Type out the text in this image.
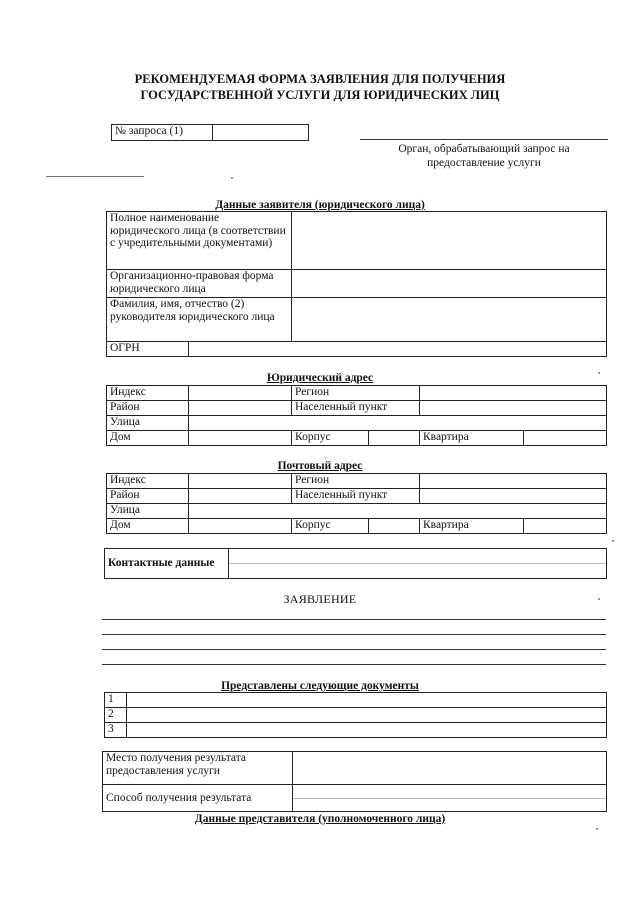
РЕКОМЕНДУЕМАЯ ФОРМА ЗАЯВЛЕНИЯ ДЛЯ ПОЛУЧЕНИЯ
ГОСУДАРСТВЕННОЙ УСЛУГИ ДЛЯ ЮРИДИЧЕСКИХ ЛИЦ
№ запроса (1)	
Орган, обрабатывающий запрос на
предоставление услуги
Данные заявителя (юридического лица)
Полное наименование юридического лица (в соответствии с учредительными документами)		
Организационно-правовая форма юридического лица		
Фамилия, имя, отчество (2) руководителя юридического лица		
ОГРН		
Юридический адрес
Индекс		Регион			
Район		Населенный пункт			
Улица					
Дом		Корпус		Квартира	
Почтовый адрес
Индекс		Регион			
Район		Населенный пункт			
Улица					
Дом		Корпус		Квартира	
Контактные данные	
ЗАЯВЛЕНИЕ
Представлены следующие документы
1	
2	
3	
Место получения результата предоставления услуги	
Способ получения результата	
Данные представителя (уполномоченного лица)
